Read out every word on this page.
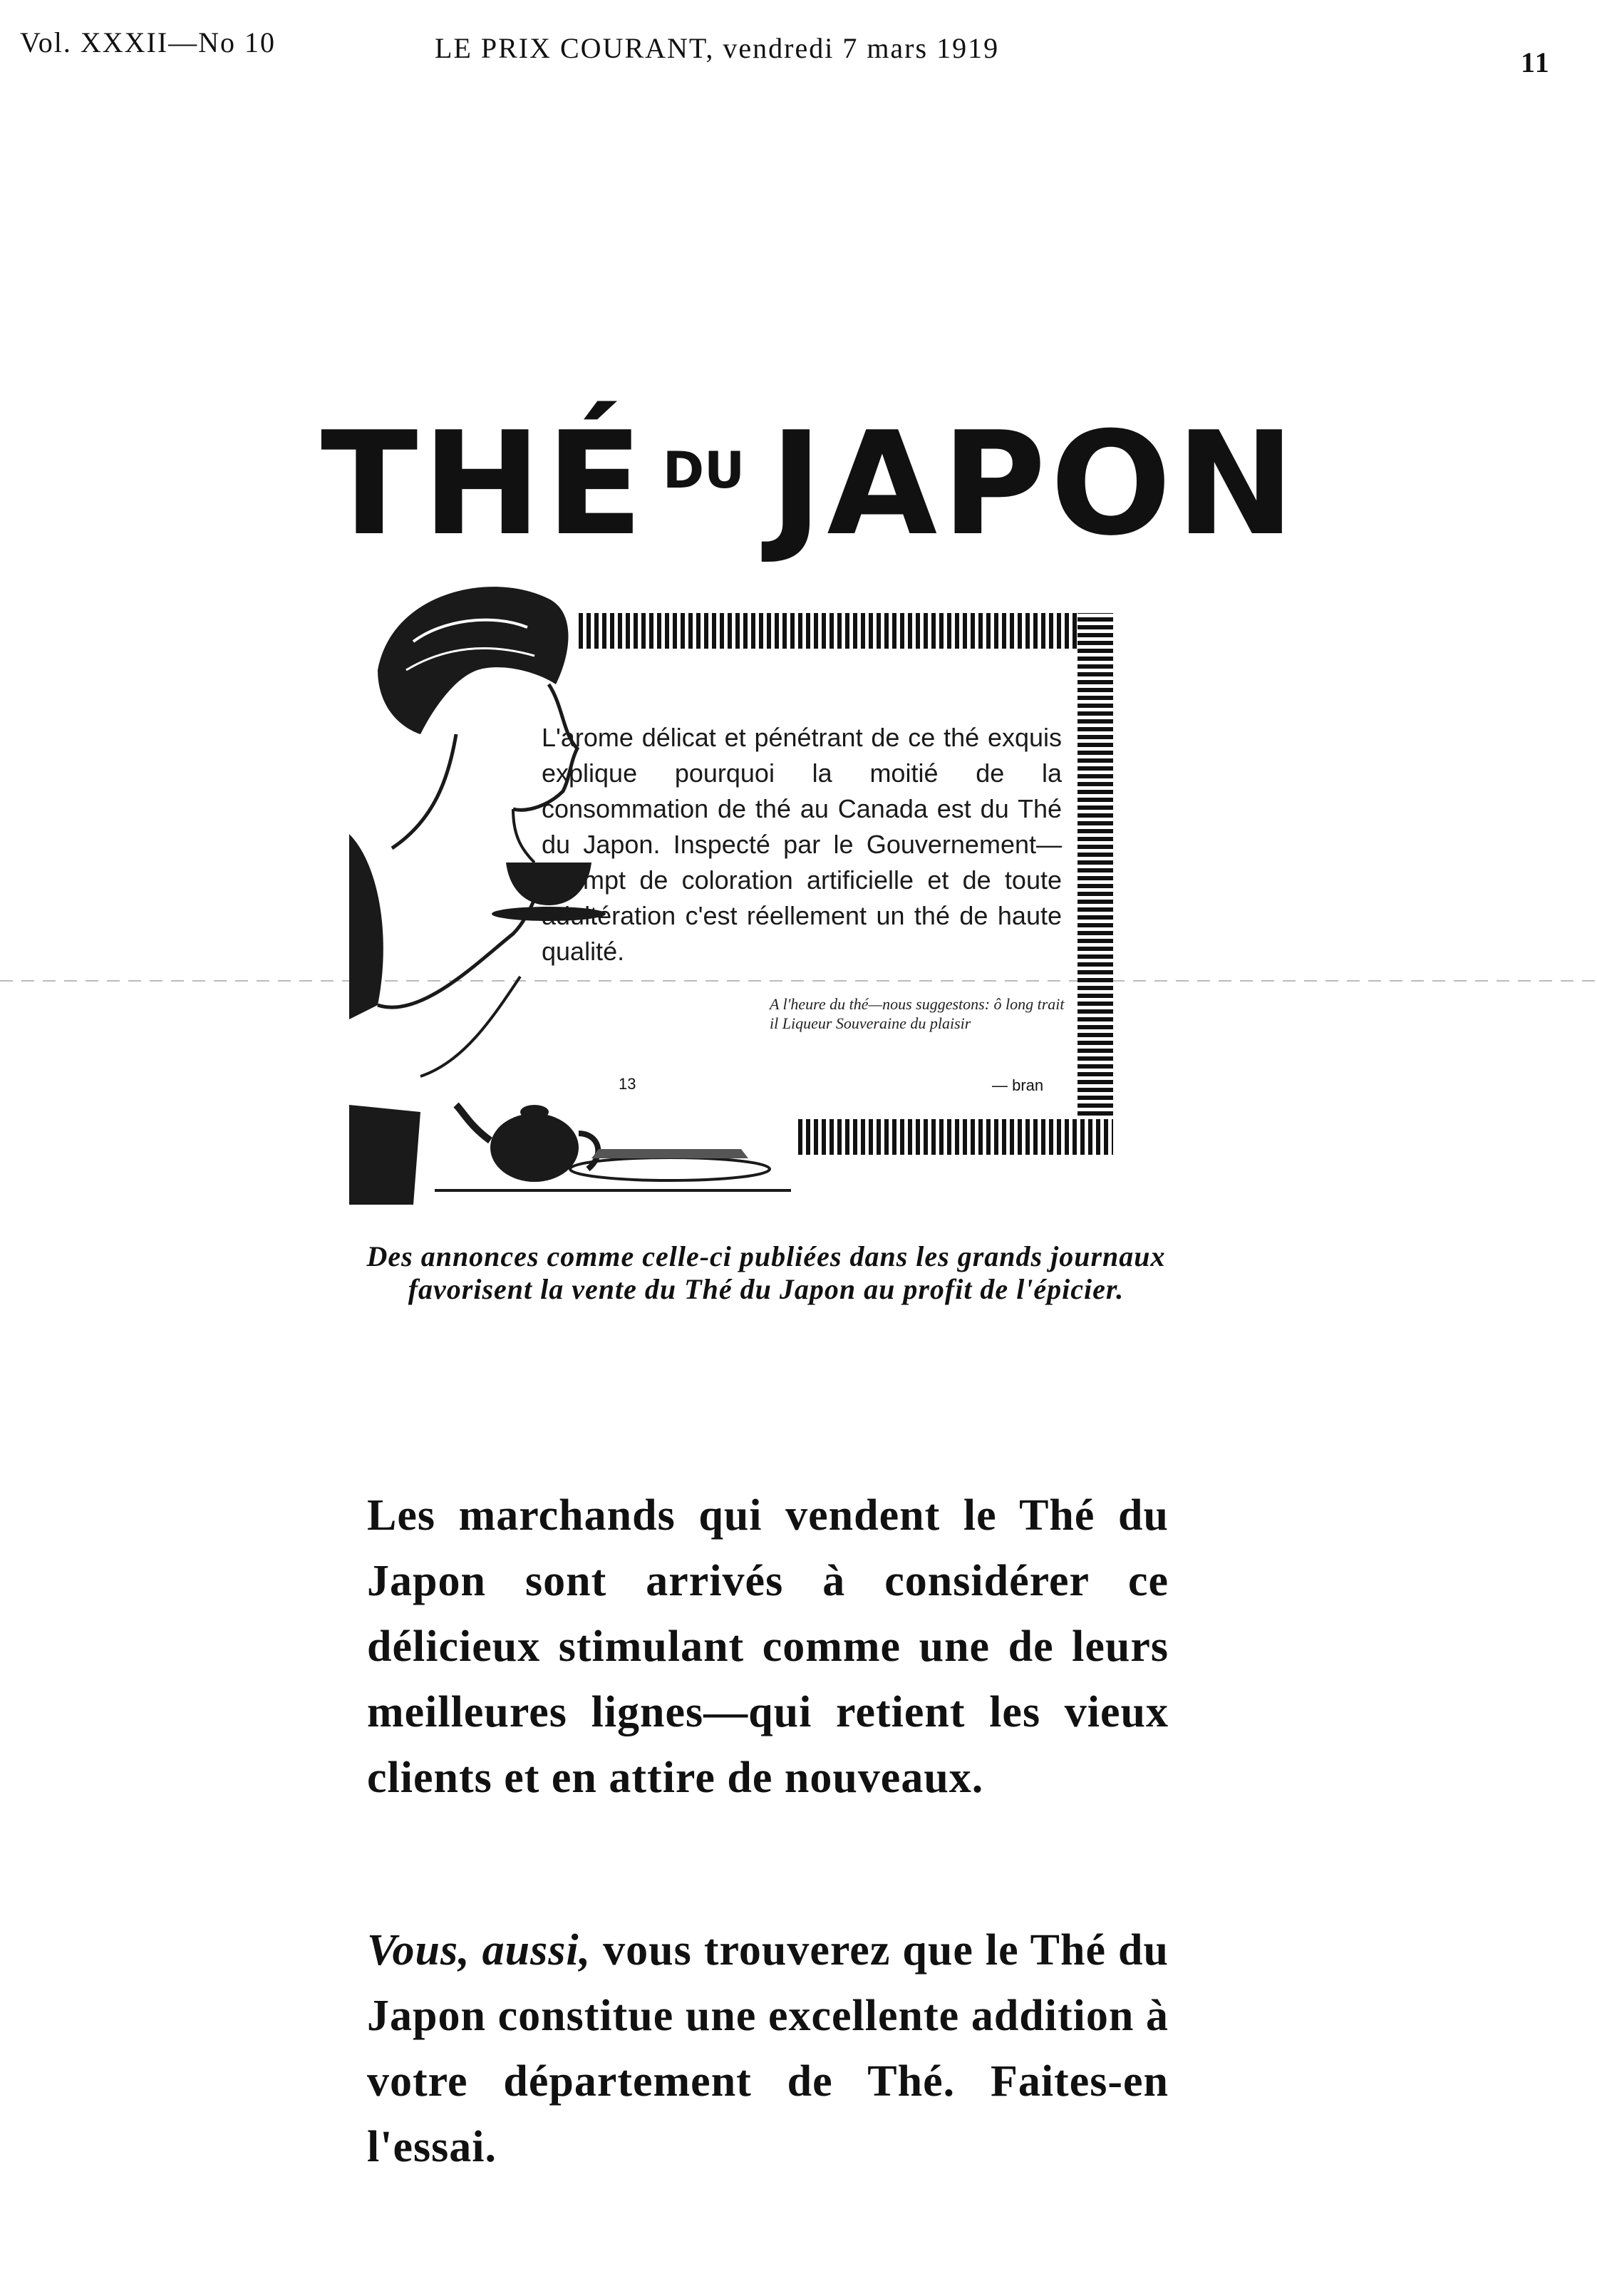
Vol. XXXII—No 10	LE PRIX COURANT, vendredi 7 mars 1919	11
THÉ DU JAPON
L'arome délicat et pénétrant de ce thé exquis explique pourquoi la moitié de la consommation de thé au Canada est du Thé du Japon. Inspecté par le Gouvernement—exempt de coloration artificielle et de toute adultération c'est réellement un thé de haute qualité.
A l'heure du thé—nous suggestons: ô long trait il Liqueur Souveraine du plaisir
13	— bran
Des annonces comme celle-ci publiées dans les grands journaux favorisent la vente du Thé du Japon au profit de l'épicier.
Les marchands qui vendent le Thé du Japon sont arrivés à considérer ce délicieux stimulant comme une de leurs meilleures lignes—qui retient les vieux clients et en attire de nouveaux.
Vous, aussi, vous trouverez que le Thé du Japon constitue une excellente addition à votre département de Thé. Faites-en l'essai.
